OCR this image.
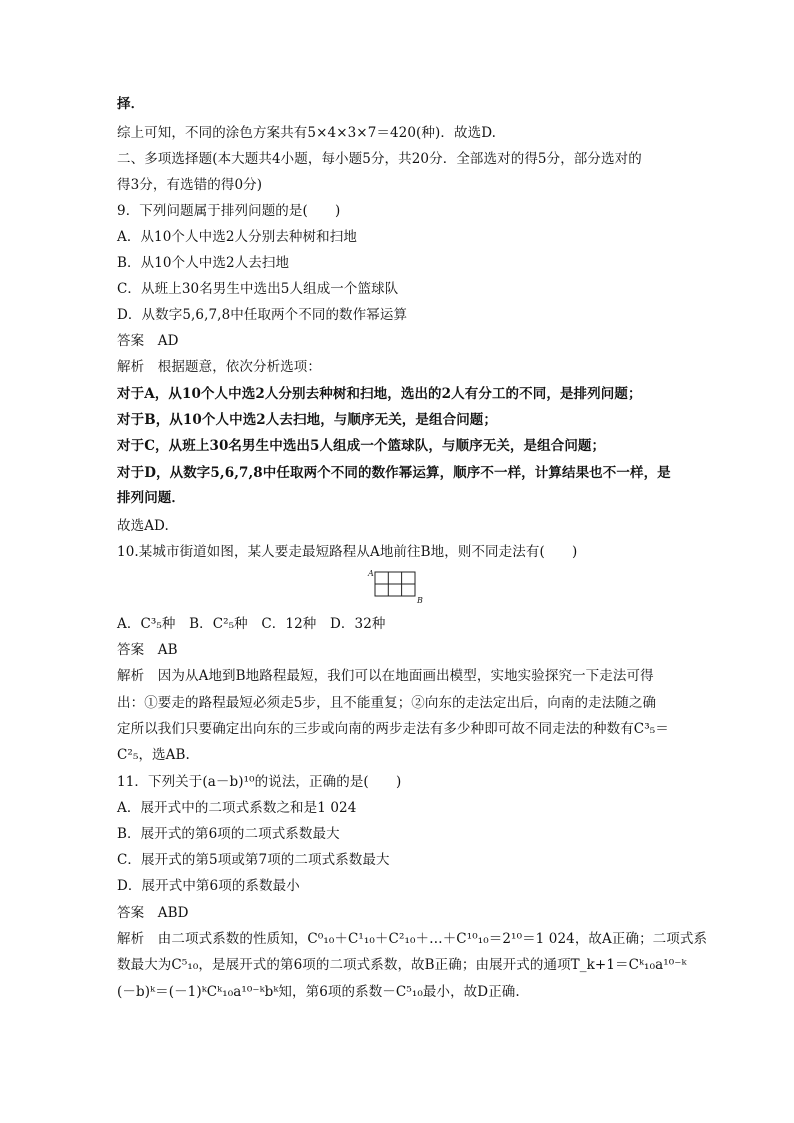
择．
综上可知，不同的涂色方案共有5×4×3×7＝420(种)．故选D.
二、多项选择题(本大题共4小题，每小题5分，共20分．全部选对的得5分，部分选对的
得3分，有选错的得0分)
9．下列问题属于排列问题的是(　　)
A．从10个人中选2人分别去种树和扫地
B．从10个人中选2人去扫地
C．从班上30名男生中选出5人组成一个篮球队
D．从数字5,6,7,8中任取两个不同的数作幂运算
答案　AD
解析　根据题意，依次分析选项：
对于A，从10个人中选2人分别去种树和扫地，选出的2人有分工的不同，是排列问题；
对于B，从10个人中选2人去扫地，与顺序无关，是组合问题；
对于C，从班上30名男生中选出5人组成一个篮球队，与顺序无关，是组合问题；
对于D，从数字5,6,7,8中任取两个不同的数作幂运算，顺序不一样，计算结果也不一样，是
排列问题．
故选AD.
10.某城市街道如图，某人要走最短路程从A地前往B地，则不同走法有(　　)
A
B
A．C³₅种　B．C²₅种　C．12种　D．32种
答案　AB
解析　因为从A地到B地路程最短，我们可以在地面画出模型，实地实验探究一下走法可得
出：①要走的路程最短必须走5步，且不能重复；②向东的走法定出后，向南的走法随之确
定所以我们只要确定出向东的三步或向南的两步走法有多少种即可故不同走法的种数有C³₅＝
C²₅，选AB.
11．下列关于(a－b)¹⁰的说法，正确的是(　　)
A．展开式中的二项式系数之和是1 024
B．展开式的第6项的二项式系数最大
C．展开式的第5项或第7项的二项式系数最大
D．展开式中第6项的系数最小
答案　ABD
解析　由二项式系数的性质知，C⁰₁₀＋C¹₁₀＋C²₁₀＋…＋C¹⁰₁₀＝2¹⁰＝1 024，故A正确；二项式系
数最大为C⁵₁₀，是展开式的第6项的二项式系数，故B正确；由展开式的通项T_k+1＝Cᵏ₁₀a¹⁰⁻ᵏ
(－b)ᵏ＝(－1)ᵏCᵏ₁₀a¹⁰⁻ᵏbᵏ知，第6项的系数－C⁵₁₀最小，故D正确.
